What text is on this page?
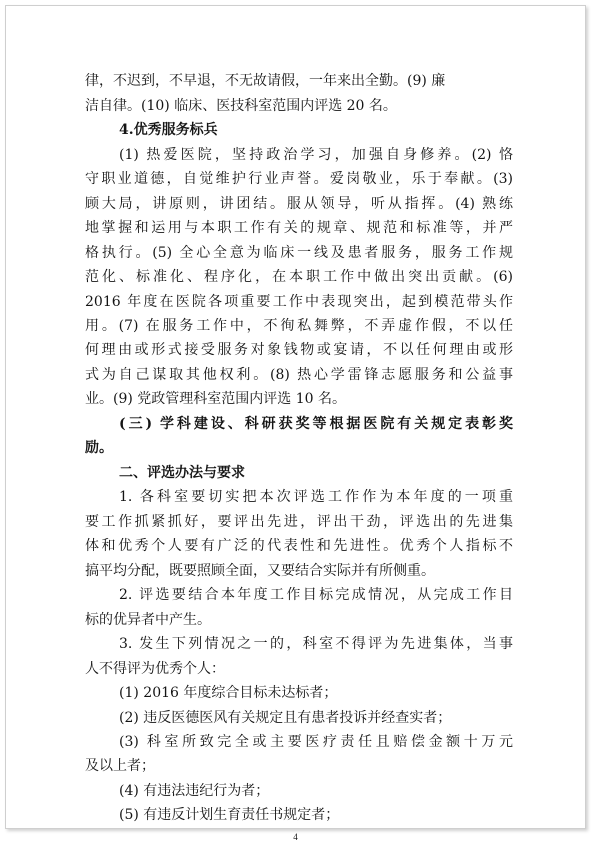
律，不迟到，不早退，不无故请假，一年来出全勤。(9) 廉
洁自律。(10) 临床、医技科室范围内评选 20 名。
4.优秀服务标兵
(1) 热爱医院，坚持政治学习，加强自身修养。(2) 恪
守职业道德，自觉维护行业声誉。爱岗敬业，乐于奉献。(3)
顾大局，讲原则，讲团结。服从领导，听从指挥。(4) 熟练
地掌握和运用与本职工作有关的规章、规范和标准等，并严
格执行。(5) 全心全意为临床一线及患者服务，服务工作规
范化、标准化、程序化，在本职工作中做出突出贡献。(6)
2016 年度在医院各项重要工作中表现突出，起到模范带头作
用。(7) 在服务工作中，不徇私舞弊，不弄虚作假，不以任
何理由或形式接受服务对象钱物或宴请，不以任何理由或形
式为自己谋取其他权利。(8) 热心学雷锋志愿服务和公益事
业。(9) 党政管理科室范围内评选 10 名。
(三) 学科建设、科研获奖等根据医院有关规定表彰奖
励。
二、评选办法与要求
1. 各科室要切实把本次评选工作作为本年度的一项重
要工作抓紧抓好，要评出先进，评出干劲，评选出的先进集
体和优秀个人要有广泛的代表性和先进性。优秀个人指标不
搞平均分配，既要照顾全面，又要结合实际并有所侧重。
2. 评选要结合本年度工作目标完成情况，从完成工作目
标的优异者中产生。
3. 发生下列情况之一的，科室不得评为先进集体，当事
人不得评为优秀个人：
(1) 2016 年度综合目标未达标者；
(2) 违反医德医风有关规定且有患者投诉并经查实者；
(3) 科室所致完全或主要医疗责任且赔偿金额十万元
及以上者；
(4) 有违法违纪行为者；
(5) 有违反计划生育责任书规定者；
4
